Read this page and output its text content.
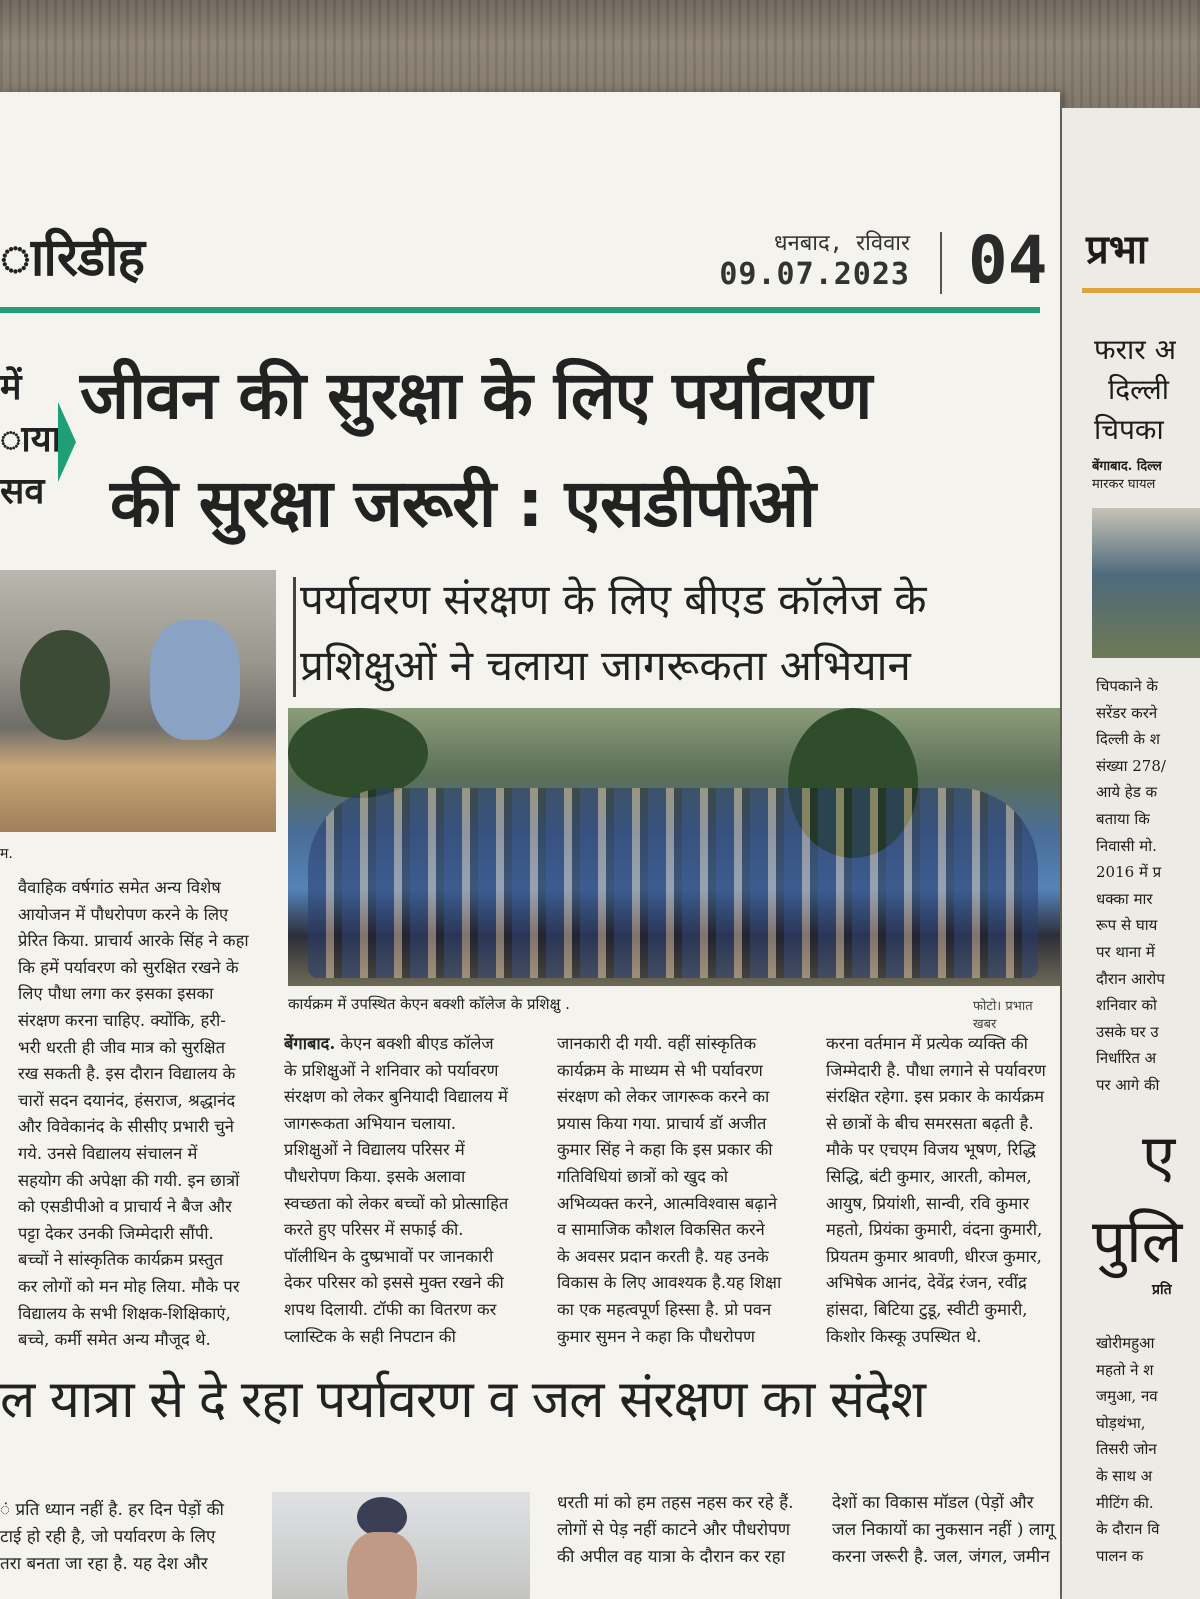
ारिडीह	धनबाद, रविवार
09.07.2023 04
में
ाया
सव
जीवन की सुरक्षा के लिए पर्यावरण
की सुरक्षा जरूरी : एसडीपीओ
म.
पर्यावरण संरक्षण के लिए बीएड कॉलेज के
प्रशिक्षुओं ने चलाया जागरूकता अभियान
कार्यक्रम में उपस्थित केएन बक्शी कॉलेज के प्रशिक्षु .	फोटो। प्रभात खबर
वैवाहिक वर्षगांठ समेत अन्य विशेष
आयोजन में पौधरोपण करने के लिए
प्रेरित किया. प्राचार्य आरके सिंह ने कहा
कि हमें पर्यावरण को सुरक्षित रखने के
लिए पौधा लगा कर इसका इसका
संरक्षण करना चाहिए. क्योंकि, हरी-
भरी धरती ही जीव मात्र को सुरक्षित
रख सकती है. इस दौरान विद्यालय के
चारों सदन दयानंद, हंसराज, श्रद्धानंद
और विवेकानंद के सीसीए प्रभारी चुने
गये. उनसे विद्यालय संचालन में
सहयोग की अपेक्षा की गयी. इन छात्रों
को एसडीपीओ व प्राचार्य ने बैज और
पट्टा देकर उनकी जिम्मेदारी सौंपी.
बच्चों ने सांस्कृतिक कार्यक्रम प्रस्तुत
कर लोगों को मन मोह लिया. मौके पर
विद्यालय के सभी शिक्षक-शिक्षिकाएं,
बच्चे, कर्मी समेत अन्य मौजूद थे.
बेंगाबाद. केएन बक्शी बीएड कॉलेज
के प्रशिक्षुओं ने शनिवार को पर्यावरण
संरक्षण को लेकर बुनियादी विद्यालय में
जागरूकता अभियान चलाया.
प्रशिक्षुओं ने विद्यालय परिसर में
पौधरोपण किया. इसके अलावा
स्वच्छता को लेकर बच्चों को प्रोत्साहित
करते हुए परिसर में सफाई की.
पॉलीथिन के दुष्प्रभावों पर जानकारी
देकर परिसर को इससे मुक्त रखने की
शपथ दिलायी. टॉफी का वितरण कर
प्लास्टिक के सही निपटान की
जानकारी दी गयी. वहीं सांस्कृतिक
कार्यक्रम के माध्यम से भी पर्यावरण
संरक्षण को लेकर जागरूक करने का
प्रयास किया गया. प्राचार्य डॉ अजीत
कुमार सिंह ने कहा कि इस प्रकार की
गतिविधियां छात्रों को खुद को
अभिव्यक्त करने, आत्मविश्वास बढ़ाने
व सामाजिक कौशल विकसित करने
के अवसर प्रदान करती है. यह उनके
विकास के लिए आवश्यक है.यह शिक्षा
का एक महत्वपूर्ण हिस्सा है. प्रो पवन
कुमार सुमन ने कहा कि पौधरोपण
करना वर्तमान में प्रत्येक व्यक्ति की
जिम्मेदारी है. पौधा लगाने से पर्यावरण
संरक्षित रहेगा. इस प्रकार के कार्यक्रम
से छात्रों के बीच समरसता बढ़ती है.
मौके पर एचएम विजय भूषण, रिद्धि
सिद्धि, बंटी कुमार, आरती, कोमल,
आयुष, प्रियांशी, सान्वी, रवि कुमार
महतो, प्रियंका कुमारी, वंदना कुमारी,
प्रियतम कुमार श्रावणी, धीरज कुमार,
अभिषेक आनंद, देवेंद्र रंजन, रवींद्र
हांसदा, बिटिया टुडू, स्वीटी कुमारी,
किशोर किस्कू उपस्थित थे.
ल यात्रा से दे रहा पर्यावरण व जल संरक्षण का संदेश
ं प्रति ध्यान नहीं है. हर दिन पेड़ों की
टाई हो रही है, जो पर्यावरण के लिए
तरा बनता जा रहा है. यह देश और
धरती मां को हम तहस नहस कर रहे हैं.
लोगों से पेड़ नहीं काटने और पौधरोपण
की अपील वह यात्रा के दौरान कर रहा
देशों का विकास मॉडल (पेड़ों और
जल निकायों का नुकसान नहीं ) लागू
करना जरूरी है. जल, जंगल, जमीन
प्रभा
फरार अ
दिल्ली
चिपका
बेंगाबाद. दिल्ल
मारकर घायल
चिपकाने के
सरेंडर करने
दिल्ली के श
संख्या 278/
आये हेड क
बताया कि
निवासी मो.
2016 में प्र
धक्का मार
रूप से घाय
पर थाना में
दौरान आरोप
शनिवार को
उसके घर उ
निर्धारित अ
पर आगे की
ए
पुलि
प्रति
खोरीमहुआ
महतो ने श
जमुआ, नव
घोड़थंभा,
तिसरी जोन
के साथ अ
मीटिंग की.
के दौरान वि
पालन क
